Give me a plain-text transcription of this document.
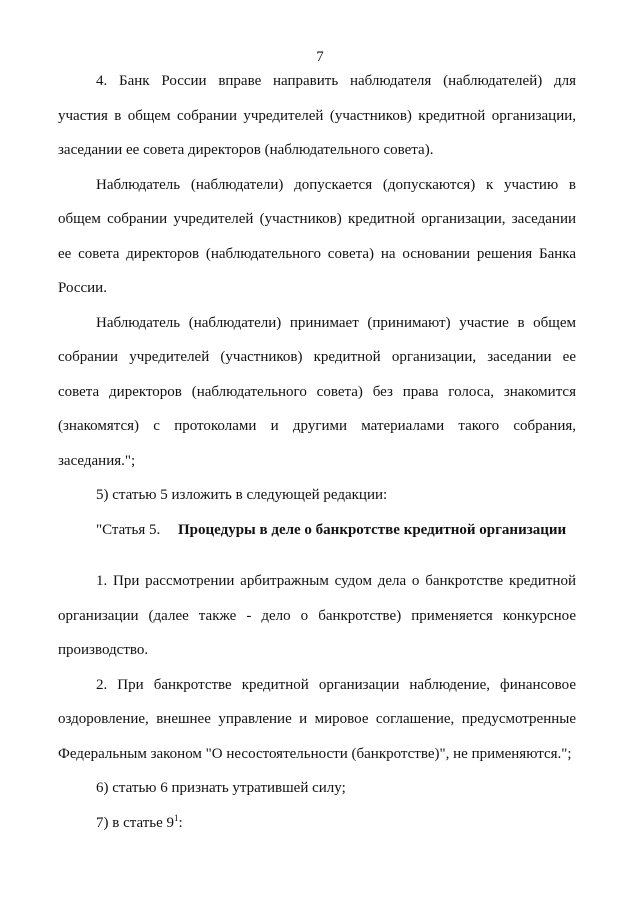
7

4. Банк России вправе направить наблюдателя (наблюдателей) для
участия в общем собрании учредителей (участников) кредитной организации,
заседании ее совета директоров (наблюдательного совета).

Наблюдатель (наблюдатели) допускается (допускаются) к участию в
общем собрании учредителей (участников) кредитной организации, заседании
ее совета директоров (наблюдательного совета) на основании решения Банка
России.

Наблюдатель (наблюдатели) принимает (принимают) участие в общем
собрании учредителей (участников) кредитной организации, заседании ее
совета директоров (наблюдательного совета) без права голоса, знакомится
(знакомятся) с протоколами и другими материалами такого собрания,
заседания.";

5) статью 5 изложить в следующей редакции:

"Статья 5. Процедуры в деле о банкротстве кредитной организации

1. При рассмотрении арбитражным судом дела о банкротстве кредитной
организации (далее также - дело о банкротстве) применяется конкурсное
производство.

2. При банкротстве кредитной организации наблюдение, финансовое
оздоровление, внешнее управление и мировое соглашение, предусмотренные
Федеральным законом "О несостоятельности (банкротстве)", не применяются.";

6) статью 6 признать утратившей силу;

7) в статье $9^1$:
